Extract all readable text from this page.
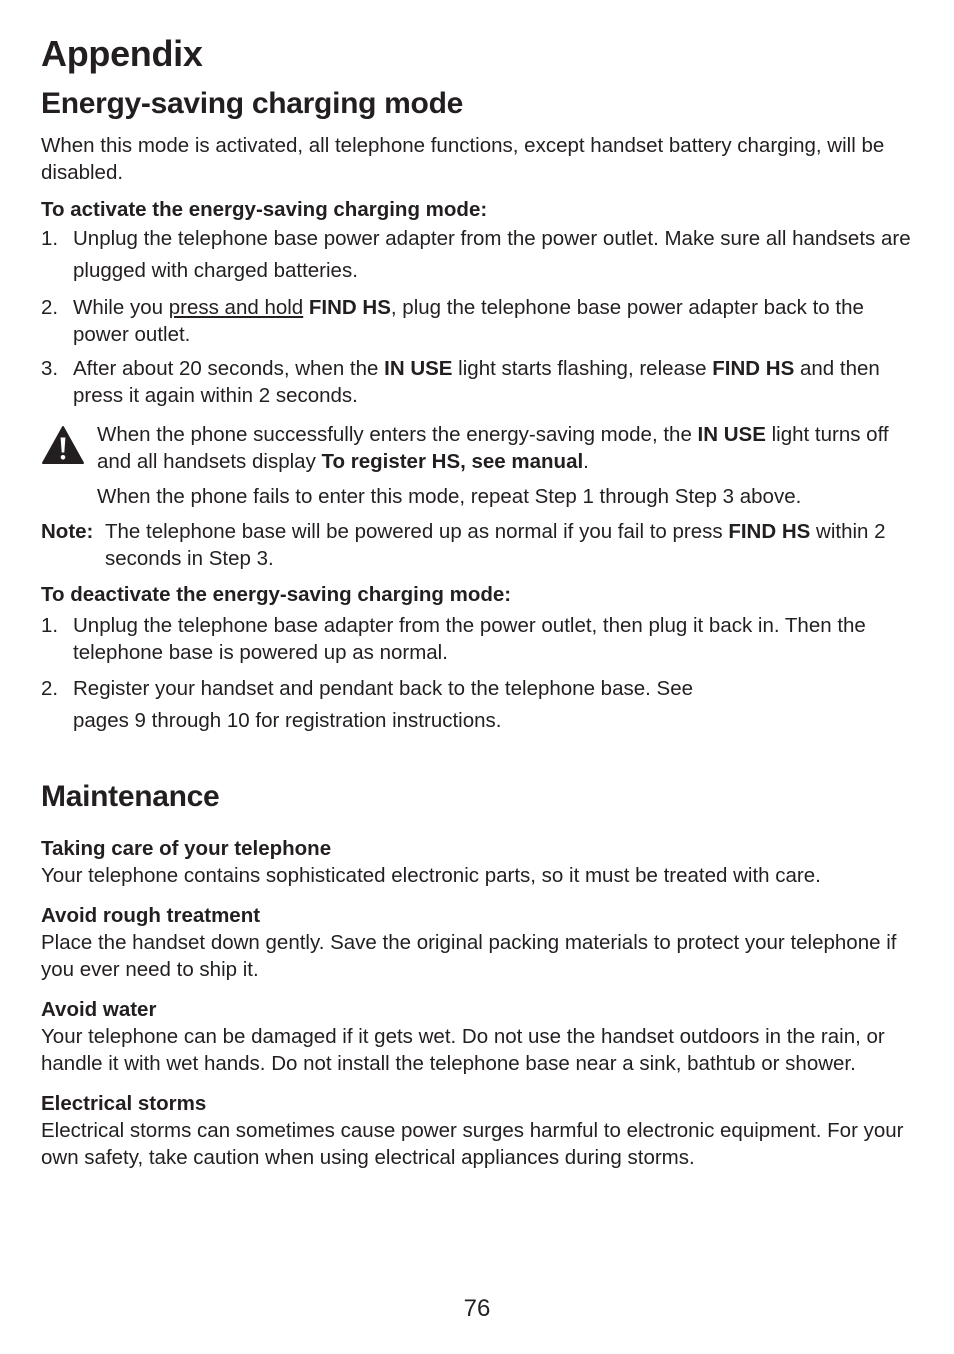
Appendix
Energy-saving charging mode

When this mode is activated, all telephone functions, except handset battery charging, will be disabled.

To activate the energy-saving charging mode:

1. Unplug the telephone base power adapter from the power outlet. Make sure all handsets are plugged with charged batteries.
2. While you press and hold FIND HS, plug the telephone base power adapter back to the power outlet.
3. After about 20 seconds, when the IN USE light starts flashing, release FIND HS and then press it again within 2 seconds.

When the phone successfully enters the energy-saving mode, the IN USE light turns off and all handsets display To register HS, see manual.

When the phone fails to enter this mode, repeat Step 1 through Step 3 above.

Note: The telephone base will be powered up as normal if you fail to press FIND HS within 2 seconds in Step 3.

To deactivate the energy-saving charging mode:

1. Unplug the telephone base adapter from the power outlet, then plug it back in. Then the telephone base is powered up as normal.
2. Register your handset and pendant back to the telephone base. See
pages 9 through 10 for registration instructions.
Maintenance

Taking care of your telephone

Your telephone contains sophisticated electronic parts, so it must be treated with care.

Avoid rough treatment

Place the handset down gently. Save the original packing materials to protect your telephone if you ever need to ship it.

Avoid water

Your telephone can be damaged if it gets wet. Do not use the handset outdoors in the rain, or handle it with wet hands. Do not install the telephone base near a sink, bathtub or shower.

Electrical storms

Electrical storms can sometimes cause power surges harmful to electronic equipment. For your own safety, take caution when using electrical appliances during storms.

76
